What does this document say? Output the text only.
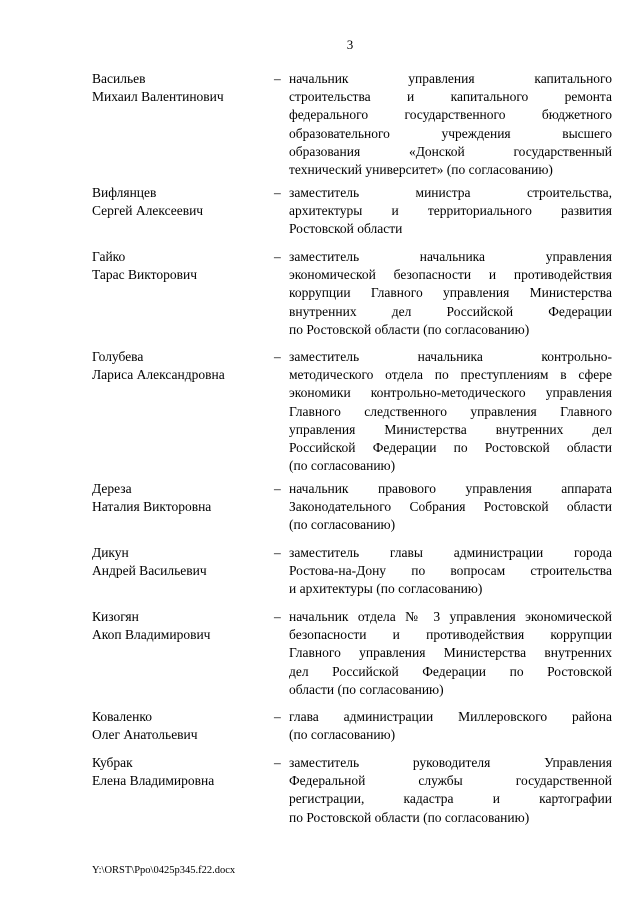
3
Васильев
Михаил Валентинович
– начальник управления капитального
строительства и капитального ремонта
федерального государственного бюджетного
образовательного учреждения высшего
образования «Донской государственный
технический университет» (по согласованию)
Вифлянцев
Сергей Алексеевич
– заместитель министра строительства,
архитектуры и территориального развития
Ростовской области
Гайко
Тарас Викторович
– заместитель начальника управления
экономической безопасности и противодействия
коррупции Главного управления Министерства
внутренних дел Российской Федерации
по Ростовской области (по согласованию)
Голубева
Лариса Александровна
– заместитель начальника контрольно-
методического отдела по преступлениям в сфере
экономики контрольно-методического управления
Главного следственного управления Главного
управления Министерства внутренних дел
Российской Федерации по Ростовской области
(по согласованию)
Дереза
Наталия Викторовна
– начальник правового управления аппарата
Законодательного Собрания Ростовской области
(по согласованию)
Дикун
Андрей Васильевич
– заместитель главы администрации города
Ростова-на-Дону по вопросам строительства
и архитектуры (по согласованию)
Кизогян
Акоп Владимирович
– начальник отдела № 3 управления экономической
безопасности и противодействия коррупции
Главного управления Министерства внутренних
дел Российской Федерации по Ростовской
области (по согласованию)
Коваленко
Олег Анатольевич
– глава администрации Миллеровского района
(по согласованию)
Кубрак
Елена Владимировна
– заместитель руководителя Управления
Федеральной службы государственной
регистрации, кадастра и картографии
по Ростовской области (по согласованию)
Y:\ORST\Ppo\0425p345.f22.docx
